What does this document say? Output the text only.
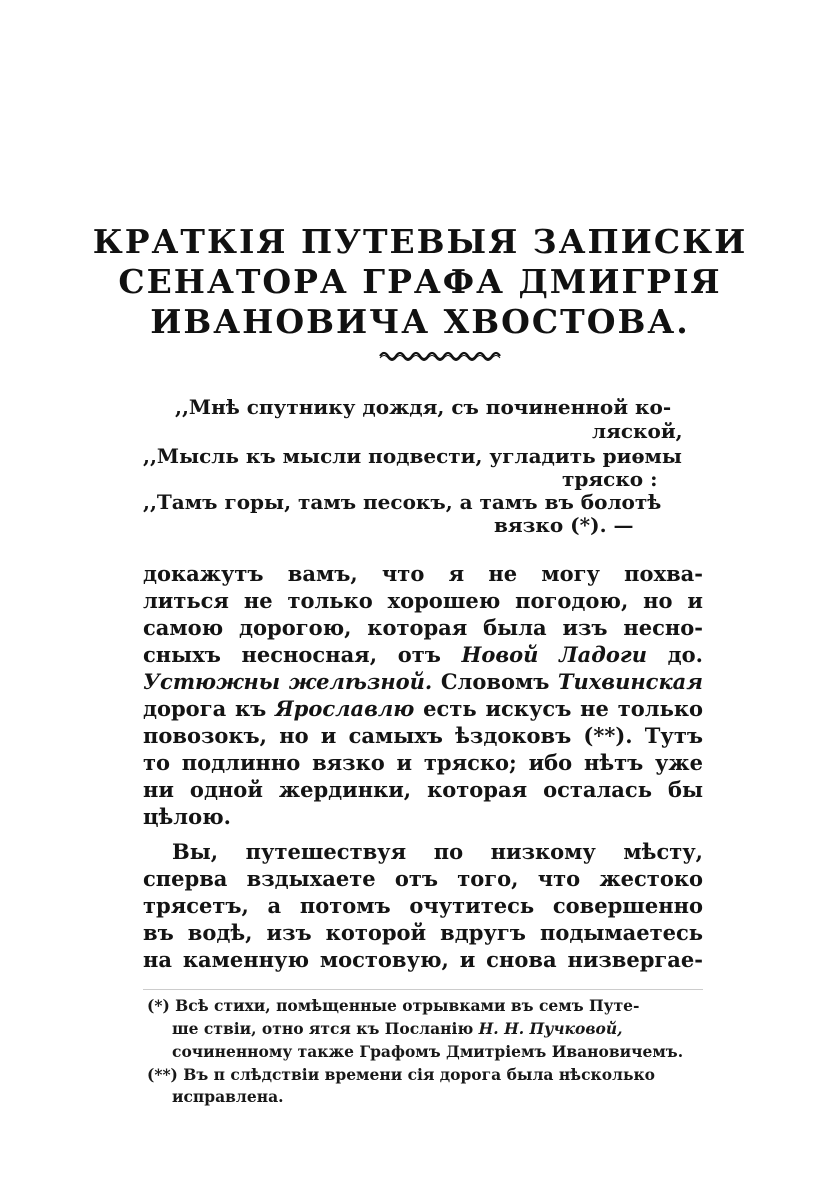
КРАТКІЯ ПУТЕВЫЯ ЗАПИСКИ
СЕНАТОРА ГРАФА ДМИГРІЯ
ИВАНОВИЧА ХВОСТОВА.
,,Мнѣ спутнику дождя, съ починенной ко-
ляской,
,,Мысль къ мысли подвести, угладить риѳмы
тряско :
,,Тамъ горы, тамъ песокъ, а тамъ въ болотѣ
вязко (*). —
докажутъ вамъ, что я не могу похва-
литься не только хорошею погодою, но и
самою дорогою, которая была изъ несно-
сныхъ несносная, отъ Новой Ладоги до.
Устюжны желѣзной. Словомъ Тихвинская
дорога къ Ярославлю есть искусъ не только
повозокъ, но и самыхъ ѣздоковъ (**). Тутъ
то подлинно вязко и тряско; ибо нѣтъ уже
ни одной жердинки, которая осталась бы
цѣлою.
Вы, путешествуя по низкому мѣсту,
сперва вздыхаете отъ того, что жестоко
трясетъ, а потомъ очутитесь совершенно
въ водѣ, изъ которой вдругъ подымаетесь
на каменную мостовую, и снова низвергае-
(*) Всѣ стихи, помѣщенные отрывками въ семъ Путе-
ше ствіи, отно ятся къ Посланію Н. Н. Пучковой,
сочиненному также Графомъ Дмитріемъ Ивановичемъ.
(**) Въ п слѣдствіи времени сія дорога была нѣсколько
исправлена.
